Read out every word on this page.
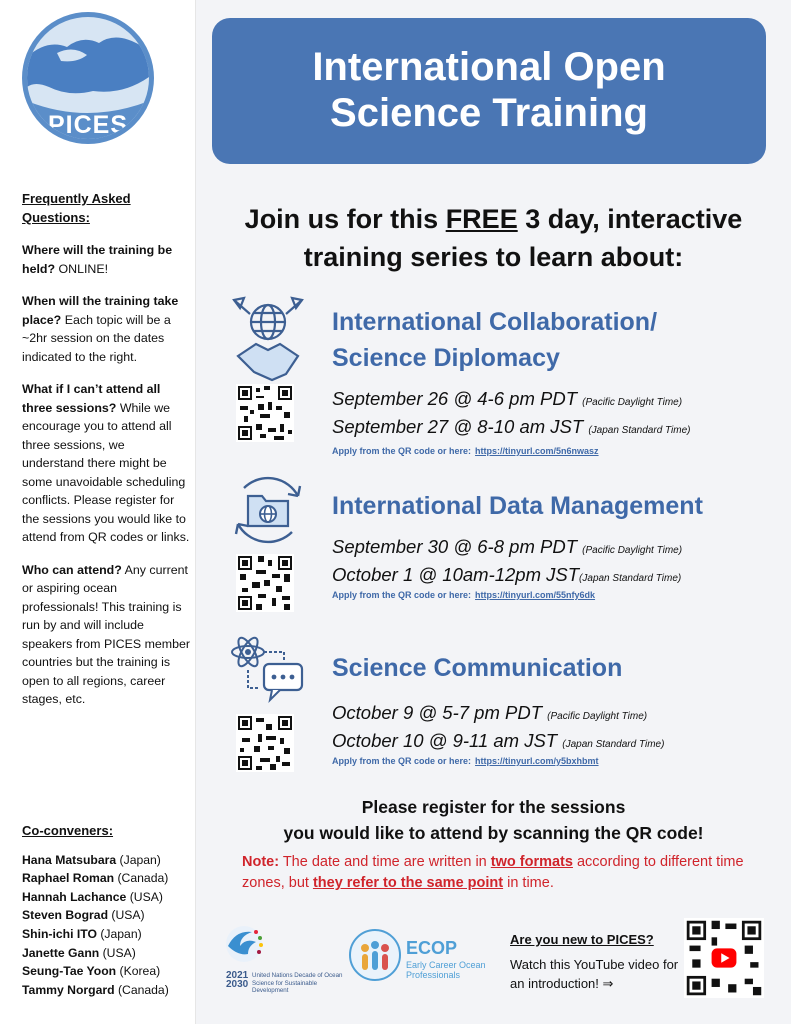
PICES
Frequently Asked Questions:
Where will the training be held? ONLINE!
When will the training take place? Each topic will be a ~2hr session on the dates indicated to the right.
What if I can’t attend all three sessions? While we encourage you to attend all three sessions, we understand there might be some unavoidable scheduling conflicts. Please register for the sessions you would like to attend from QR codes or links.
Who can attend? Any current or aspiring ocean professionals! This training is run by and will include speakers from PICES member countries but the training is open to all regions, career stages, etc.
Co-conveners:
Hana Matsubara (Japan)
Raphael Roman (Canada)
Hannah Lachance (USA)
Steven Bograd (USA)
Shin-ichi ITO (Japan)
Janette Gann (USA)
Seung-Tae Yoon (Korea)
Tammy Norgard (Canada)
International Open
Science Training
Join us for this FREE 3 day, interactive
training series to learn about:
International Collaboration/
Science Diplomacy
September 26 @ 4-6 pm PDT (Pacific Daylight Time)
September 27 @ 8-10 am JST (Japan Standard Time)
Apply from the QR code or here: https://tinyurl.com/5n6nwasz
International Data Management
September 30 @ 6-8 pm PDT (Pacific Daylight Time)
October 1 @ 10am-12pm JST(Japan Standard Time)
Apply from the QR code or here: https://tinyurl.com/55nfy6dk
Science Communication
October 9 @ 5-7 pm PDT (Pacific Daylight Time)
October 10 @ 9-11 am JST (Japan Standard Time)
Apply from the QR code or here: https://tinyurl.com/y5bxhbmt
Please register for the sessions
you would like to attend by scanning the QR code!
Note: The date and time are written in two formats according to different time zones, but they refer to the same point in time.
2021
2030
United Nations Decade of Ocean Science for Sustainable Development
ECOP
Early Career Ocean Professionals
Are you new to PICES?
Watch this YouTube video for an introduction! ⇒
